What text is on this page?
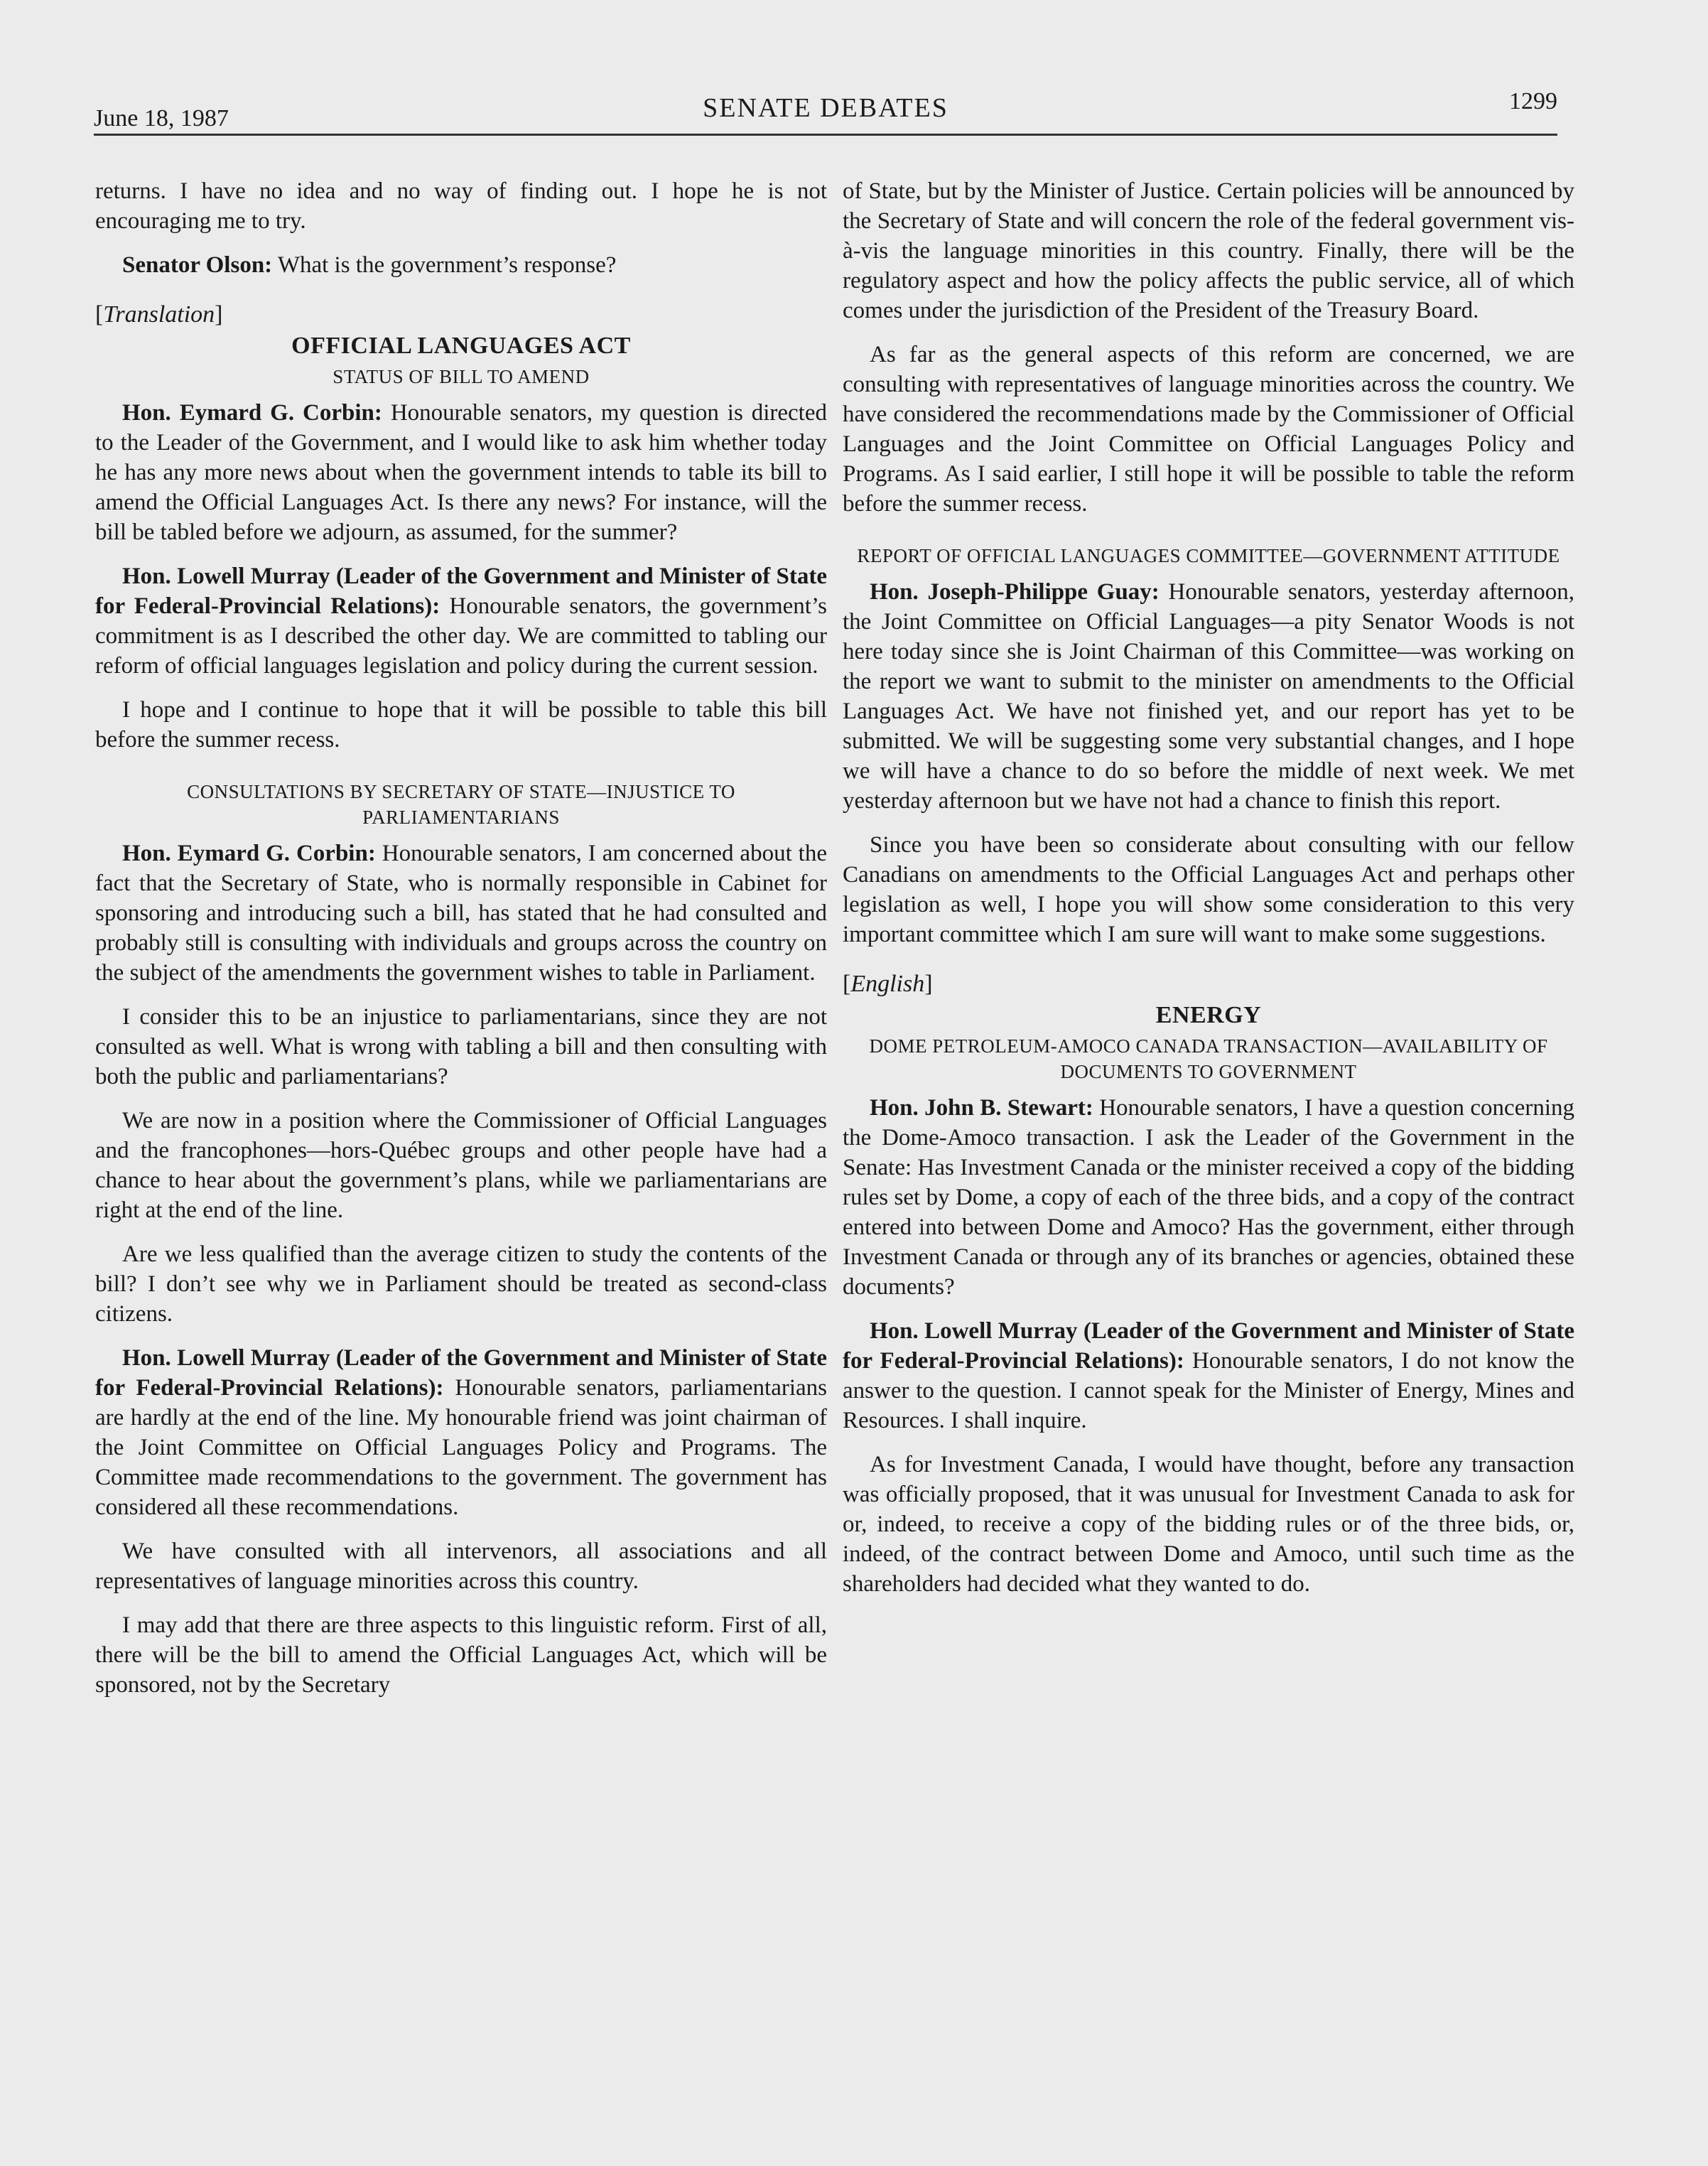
June 18, 1987	SENATE DEBATES	1299

returns. I have no idea and no way of finding out. I hope he is not encouraging me to try.

Senator Olson: What is the government’s response?

[Translation]
OFFICIAL LANGUAGES ACT
STATUS OF BILL TO AMEND

Hon. Eymard G. Corbin: Honourable senators, my question is directed to the Leader of the Government, and I would like to ask him whether today he has any more news about when the government intends to table its bill to amend the Official Languages Act. Is there any news? For instance, will the bill be tabled before we adjourn, as assumed, for the summer?

Hon. Lowell Murray (Leader of the Government and Minister of State for Federal-Provincial Relations): Honourable senators, the government’s commitment is as I described the other day. We are committed to tabling our reform of official languages legislation and policy during the current session.

I hope and I continue to hope that it will be possible to table this bill before the summer recess.

CONSULTATIONS BY SECRETARY OF STATE—INJUSTICE TO PARLIAMENTARIANS

Hon. Eymard G. Corbin: Honourable senators, I am concerned about the fact that the Secretary of State, who is normally responsible in Cabinet for sponsoring and introducing such a bill, has stated that he had consulted and probably still is consulting with individuals and groups across the country on the subject of the amendments the government wishes to table in Parliament.

I consider this to be an injustice to parliamentarians, since they are not consulted as well. What is wrong with tabling a bill and then consulting with both the public and parliamentarians?

We are now in a position where the Commissioner of Official Languages and the francophones—hors-Québec groups and other people have had a chance to hear about the government’s plans, while we parliamentarians are right at the end of the line.

Are we less qualified than the average citizen to study the contents of the bill? I don’t see why we in Parliament should be treated as second-class citizens.

Hon. Lowell Murray (Leader of the Government and Minister of State for Federal-Provincial Relations): Honourable senators, parliamentarians are hardly at the end of the line. My honourable friend was joint chairman of the Joint Committee on Official Languages Policy and Programs. The Committee made recommendations to the government. The government has considered all these recommendations.

We have consulted with all intervenors, all associations and all representatives of language minorities across this country.

I may add that there are three aspects to this linguistic reform. First of all, there will be the bill to amend the Official Languages Act, which will be sponsored, not by the Secretary

of State, but by the Minister of Justice. Certain policies will be announced by the Secretary of State and will concern the role of the federal government vis-à-vis the language minorities in this country. Finally, there will be the regulatory aspect and how the policy affects the public service, all of which comes under the jurisdiction of the President of the Treasury Board.

As far as the general aspects of this reform are concerned, we are consulting with representatives of language minorities across the country. We have considered the recommendations made by the Commissioner of Official Languages and the Joint Committee on Official Languages Policy and Programs. As I said earlier, I still hope it will be possible to table the reform before the summer recess.

REPORT OF OFFICIAL LANGUAGES COMMITTEE—GOVERNMENT ATTITUDE

Hon. Joseph-Philippe Guay: Honourable senators, yesterday afternoon, the Joint Committee on Official Languages—a pity Senator Woods is not here today since she is Joint Chairman of this Committee—was working on the report we want to submit to the minister on amendments to the Official Languages Act. We have not finished yet, and our report has yet to be submitted. We will be suggesting some very substantial changes, and I hope we will have a chance to do so before the middle of next week. We met yesterday afternoon but we have not had a chance to finish this report.

Since you have been so considerate about consulting with our fellow Canadians on amendments to the Official Languages Act and perhaps other legislation as well, I hope you will show some consideration to this very important committee which I am sure will want to make some suggestions.

[English]
ENERGY
DOME PETROLEUM-AMOCO CANADA TRANSACTION—AVAILABILITY OF DOCUMENTS TO GOVERNMENT

Hon. John B. Stewart: Honourable senators, I have a question concerning the Dome-Amoco transaction. I ask the Leader of the Government in the Senate: Has Investment Canada or the minister received a copy of the bidding rules set by Dome, a copy of each of the three bids, and a copy of the contract entered into between Dome and Amoco? Has the government, either through Investment Canada or through any of its branches or agencies, obtained these documents?

Hon. Lowell Murray (Leader of the Government and Minister of State for Federal-Provincial Relations): Honourable senators, I do not know the answer to the question. I cannot speak for the Minister of Energy, Mines and Resources. I shall inquire.

As for Investment Canada, I would have thought, before any transaction was officially proposed, that it was unusual for Investment Canada to ask for or, indeed, to receive a copy of the bidding rules or of the three bids, or, indeed, of the contract between Dome and Amoco, until such time as the shareholders had decided what they wanted to do.
